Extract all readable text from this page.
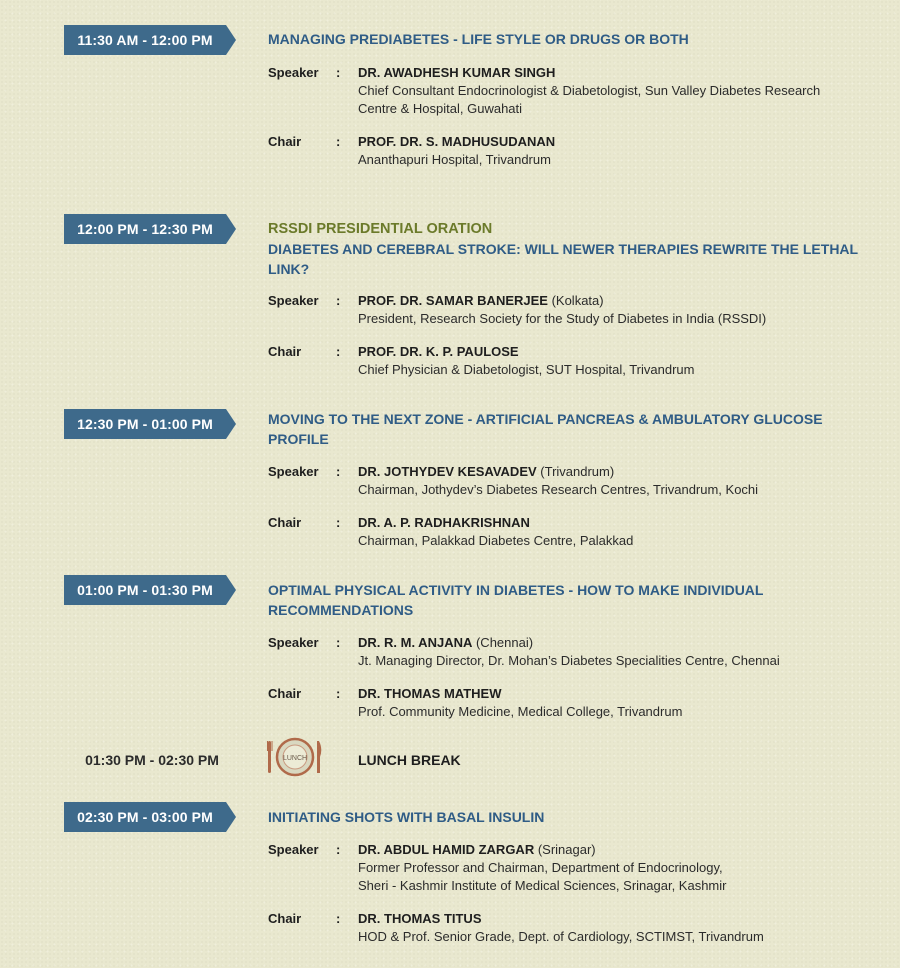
11:30 AM - 12:00 PM	MANAGING PREDIABETES - LIFE STYLE OR DRUGS OR BOTH
Speaker	:	DR. AWADHESH KUMAR SINGH
Chief Consultant Endocrinologist & Diabetologist, Sun Valley Diabetes Research
Centre & Hospital, Guwahati
Chair	:	PROF. DR. S. MADHUSUDANAN
Ananthapuri Hospital, Trivandrum
12:00 PM - 12:30 PM	RSSDI PRESIDENTIAL ORATION
DIABETES AND CEREBRAL STROKE: WILL NEWER THERAPIES REWRITE THE LETHAL
LINK?
Speaker	:	PROF. DR. SAMAR BANERJEE (Kolkata)
President, Research Society for the Study of Diabetes in India (RSSDI)
Chair	:	PROF. DR. K. P. PAULOSE
Chief Physician & Diabetologist, SUT Hospital, Trivandrum
12:30 PM - 01:00 PM	MOVING TO THE NEXT ZONE - ARTIFICIAL PANCREAS & AMBULATORY GLUCOSE
PROFILE
Speaker	:	DR. JOTHYDEV KESAVADEV (Trivandrum)
Chairman, Jothydev’s Diabetes Research Centres, Trivandrum, Kochi
Chair	:	DR. A. P. RADHAKRISHNAN
Chairman, Palakkad Diabetes Centre, Palakkad
01:00 PM - 01:30 PM	OPTIMAL PHYSICAL ACTIVITY IN DIABETES - HOW TO MAKE INDIVIDUAL
RECOMMENDATIONS
Speaker	:	DR. R. M. ANJANA (Chennai)
Jt. Managing Director, Dr. Mohan’s Diabetes Specialities Centre, Chennai
Chair	:	DR. THOMAS MATHEW
Prof. Community Medicine, Medical College, Trivandrum
01:30 PM - 02:30 PM	LUNCH	LUNCH BREAK
02:30 PM - 03:00 PM	INITIATING SHOTS WITH BASAL INSULIN
Speaker	:	DR. ABDUL HAMID ZARGAR (Srinagar)
Former Professor and Chairman, Department of Endocrinology,
Sheri - Kashmir Institute of Medical Sciences, Srinagar, Kashmir
Chair	:	DR. THOMAS TITUS
HOD & Prof. Senior Grade, Dept. of Cardiology, SCTIMST, Trivandrum
